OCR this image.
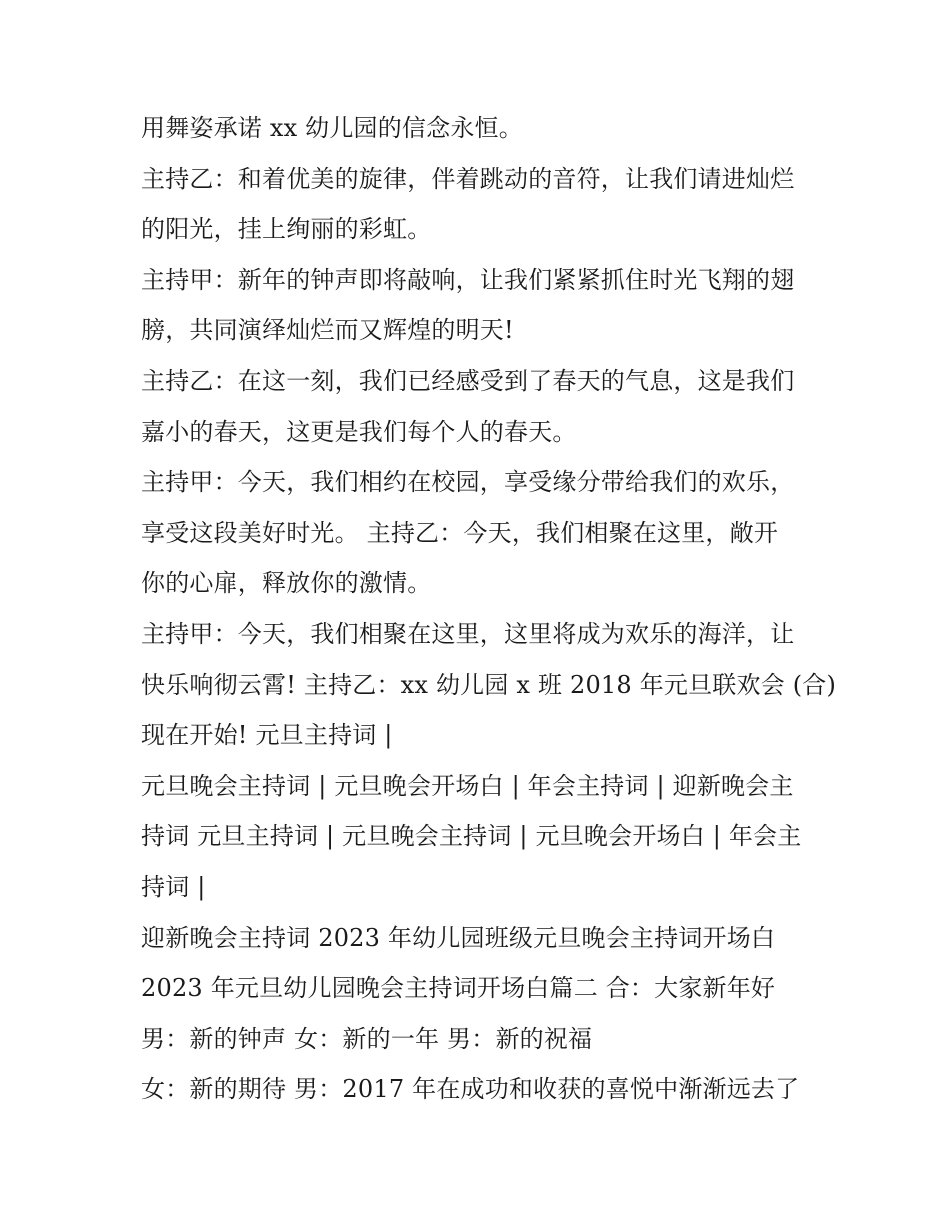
用舞姿承诺 xx 幼儿园的信念永恒。
主持乙：和着优美的旋律，伴着跳动的音符，让我们请进灿烂
的阳光，挂上绚丽的彩虹。
主持甲：新年的钟声即将敲响，让我们紧紧抓住时光飞翔的翅
膀，共同演绎灿烂而又辉煌的明天!
主持乙：在这一刻，我们已经感受到了春天的气息，这是我们
嘉小的春天，这更是我们每个人的春天。
主持甲：今天，我们相约在校园，享受缘分带给我们的欢乐，
享受这段美好时光。 主持乙：今天，我们相聚在这里，敞开
你的心扉，释放你的激情。
主持甲：今天，我们相聚在这里，这里将成为欢乐的海洋，让
快乐响彻云霄! 主持乙：xx 幼儿园 x 班 2018 年元旦联欢会 (合)
现在开始! 元旦主持词 |
元旦晚会主持词 | 元旦晚会开场白 | 年会主持词 | 迎新晚会主
持词 元旦主持词 | 元旦晚会主持词 | 元旦晚会开场白 | 年会主
持词 |
迎新晚会主持词 2023 年幼儿园班级元旦晚会主持词开场白
2023 年元旦幼儿园晚会主持词开场白篇二 合：大家新年好
男：新的钟声 女：新的一年 男：新的祝福
女：新的期待 男：2017 年在成功和收获的喜悦中渐渐远去了
